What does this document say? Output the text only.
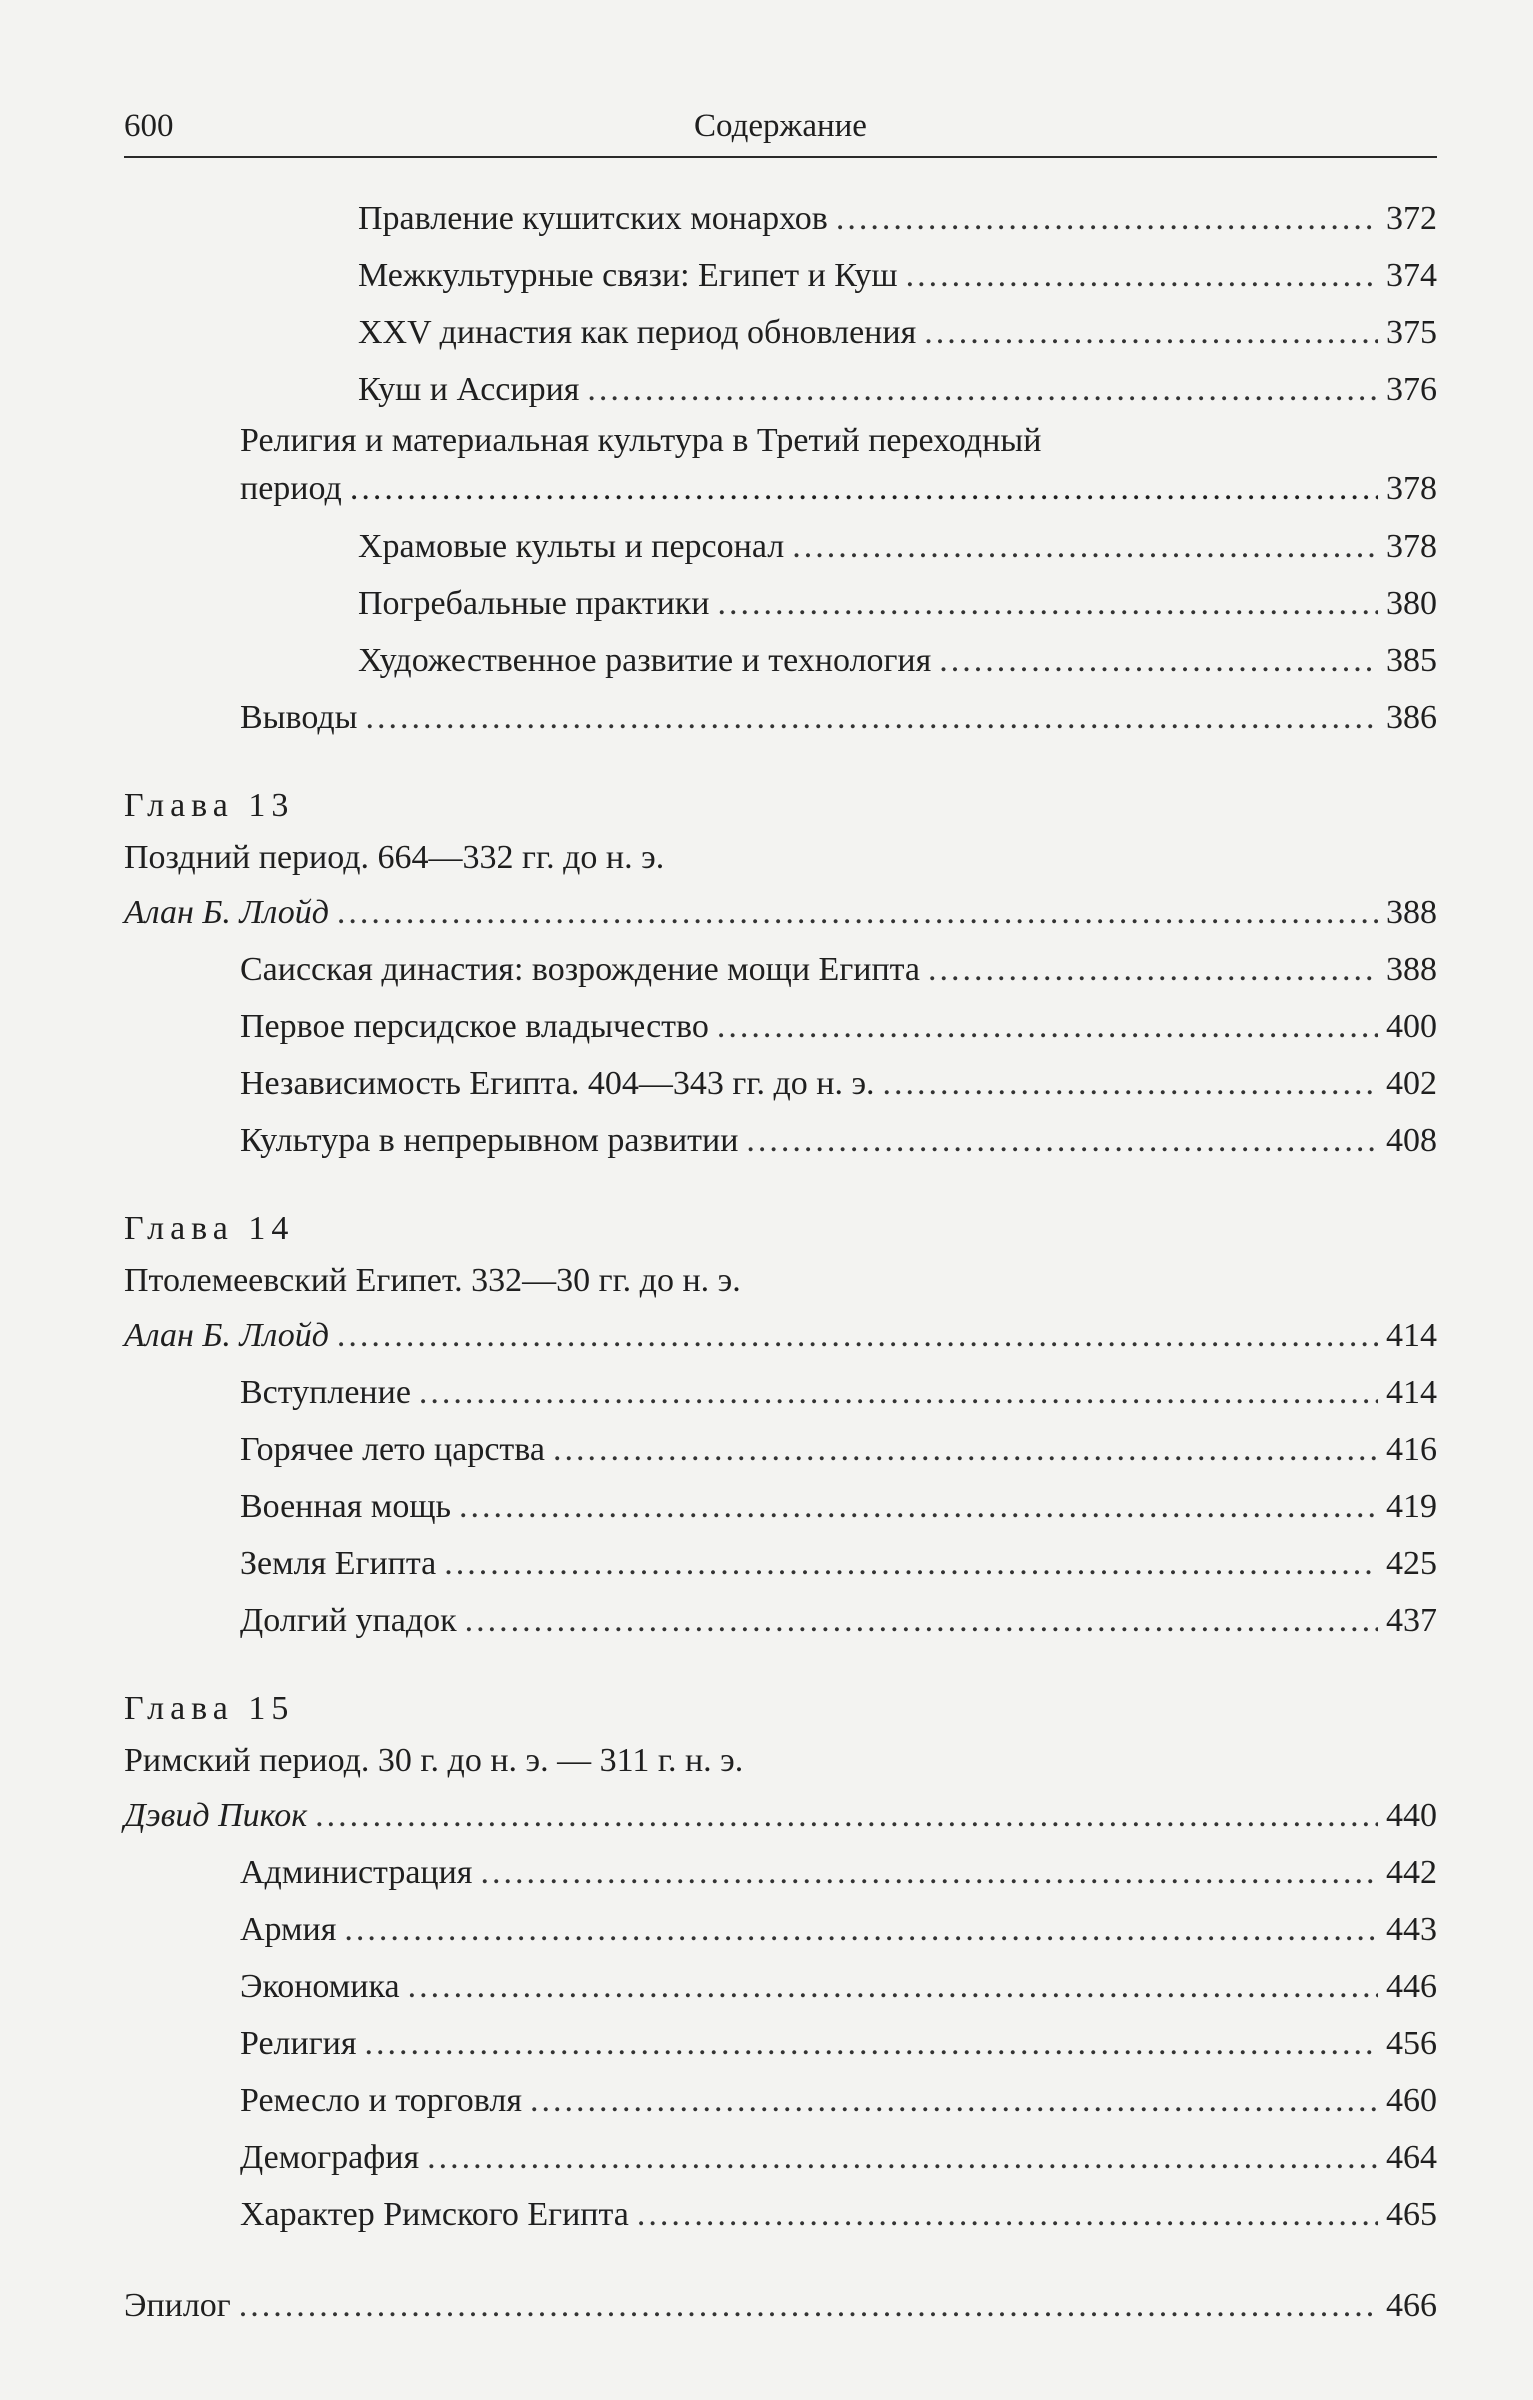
600	Содержание
Правление кушитских монархов .....	372
Межкультурные связи: Египет и Куш .....	374
XXV династия как период обновления .....	375
Куш и Ассирия .....	376
Религия и материальная культура в Третий переходный
период .....	378
Храмовые культы и персонал .....	378
Погребальные практики .....	380
Художественное развитие и технология .....	385
Выводы .....	386
Глава 13
Поздний период. 664—332 гг. до н. э.
Алан Б. Ллойд .....	388
Саисская династия: возрождение мощи Египта .....	388
Первое персидское владычество .....	400
Независимость Египта. 404—343 гг. до н. э. .....	402
Культура в непрерывном развитии .....	408
Глава 14
Птолемеевский Египет. 332—30 гг. до н. э.
Алан Б. Ллойд .....	414
Вступление .....	414
Горячее лето царства .....	416
Военная мощь .....	419
Земля Египта .....	425
Долгий упадок .....	437
Глава 15
Римский период. 30 г. до н. э. — 311 г. н. э.
Дэвид Пикок .....	440
Администрация .....	442
Армия .....	443
Экономика .....	446
Религия .....	456
Ремесло и торговля .....	460
Демография .....	464
Характер Римского Египта .....	465
Эпилог .....	466
